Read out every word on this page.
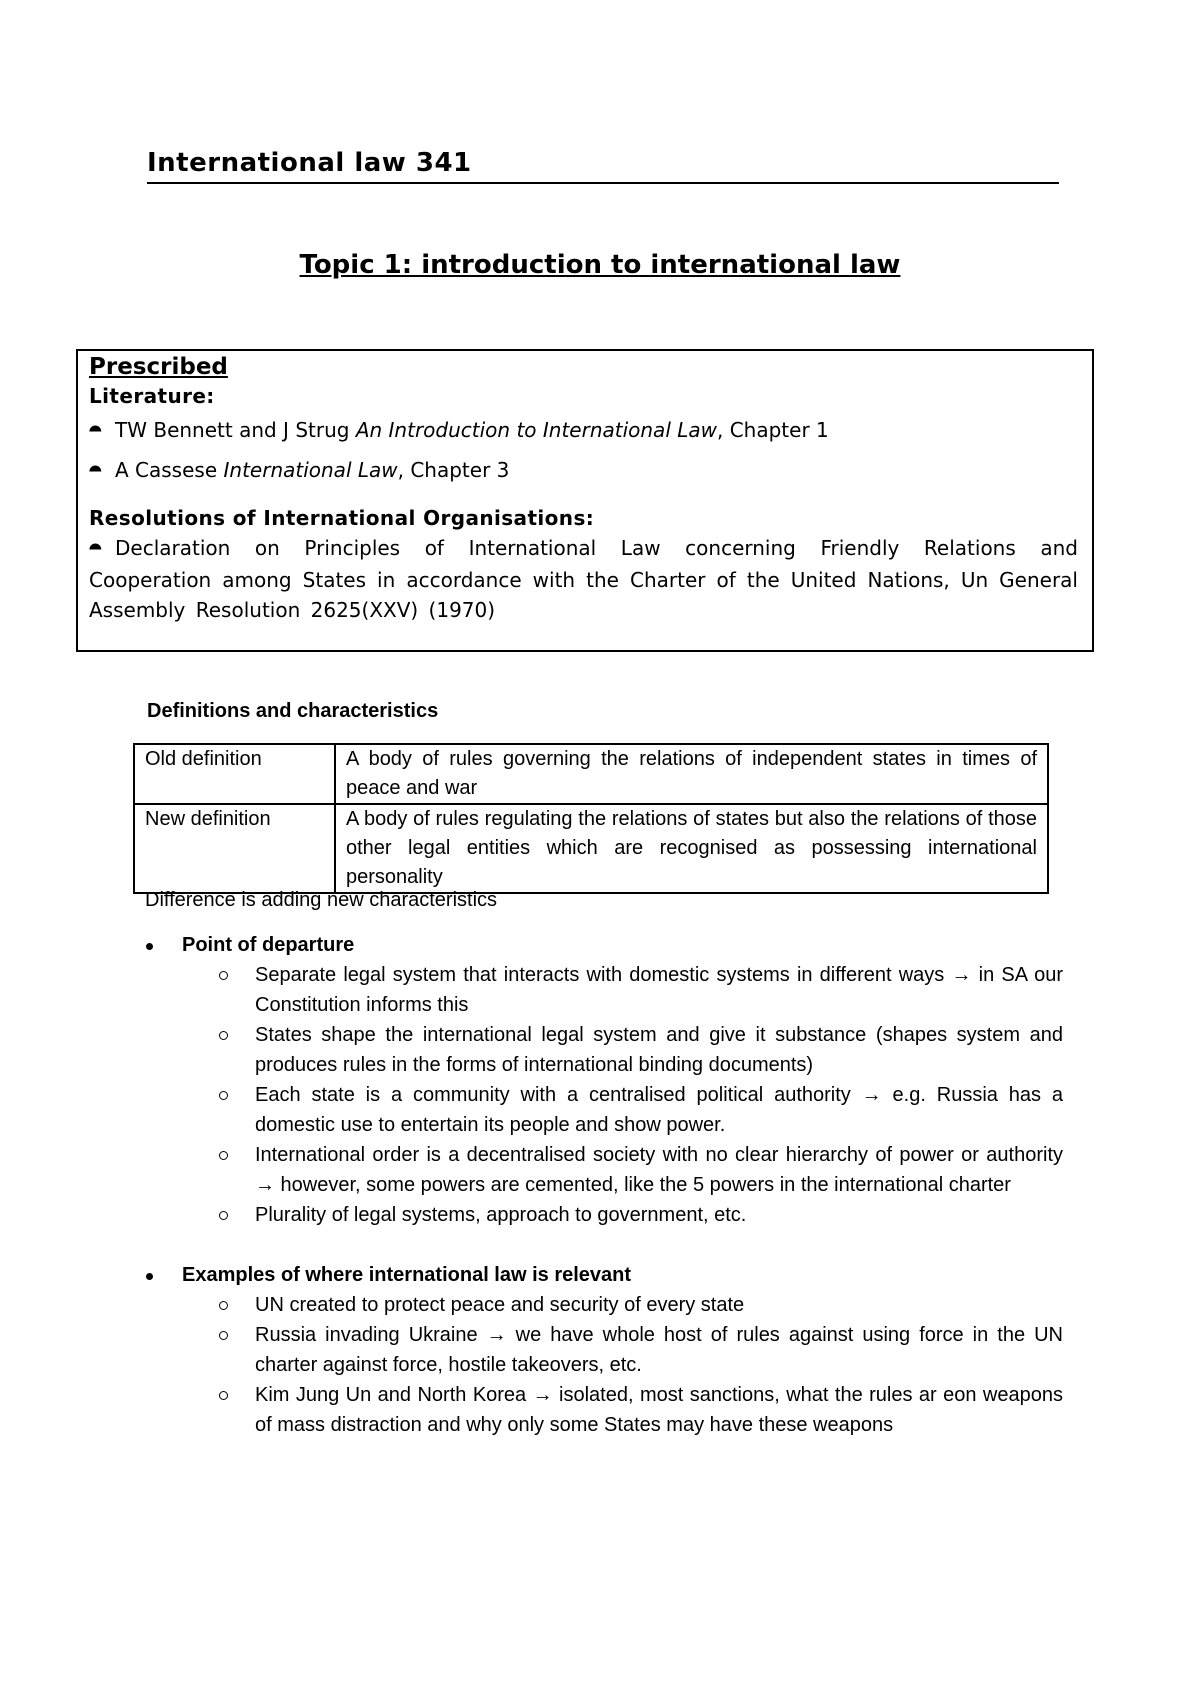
International law 341
Topic 1: introduction to international law
Prescribed
Literature:
⯊ TW Bennett and J Strug An Introduction to International Law, Chapter 1
⯊ A Cassese International Law, Chapter 3
Resolutions of International Organisations:
⯊ Declaration on Principles of International Law concerning Friendly Relations and Cooperation among States in accordance with the Charter of the United Nations, Un General Assembly Resolution 2625(XXV) (1970)
Definitions and characteristics
Old definition	A body of rules governing the relations of independent states in times of peace and war
New definition	A body of rules regulating the relations of states but also the relations of those other legal entities which are recognised as possessing international personality
Difference is adding new characteristics
Point of departure
Separate legal system that interacts with domestic systems in different ways → in SA our Constitution informs this
States shape the international legal system and give it substance (shapes system and produces rules in the forms of international binding documents)
Each state is a community with a centralised political authority → e.g. Russia has a domestic use to entertain its people and show power.
International order is a decentralised society with no clear hierarchy of power or authority → however, some powers are cemented, like the 5 powers in the international charter
Plurality of legal systems, approach to government, etc.
Examples of where international law is relevant
UN created to protect peace and security of every state
Russia invading Ukraine → we have whole host of rules against using force in the UN charter against force, hostile takeovers, etc.
Kim Jung Un and North Korea → isolated, most sanctions, what the rules ar eon weapons of mass distraction and why only some States may have these weapons
